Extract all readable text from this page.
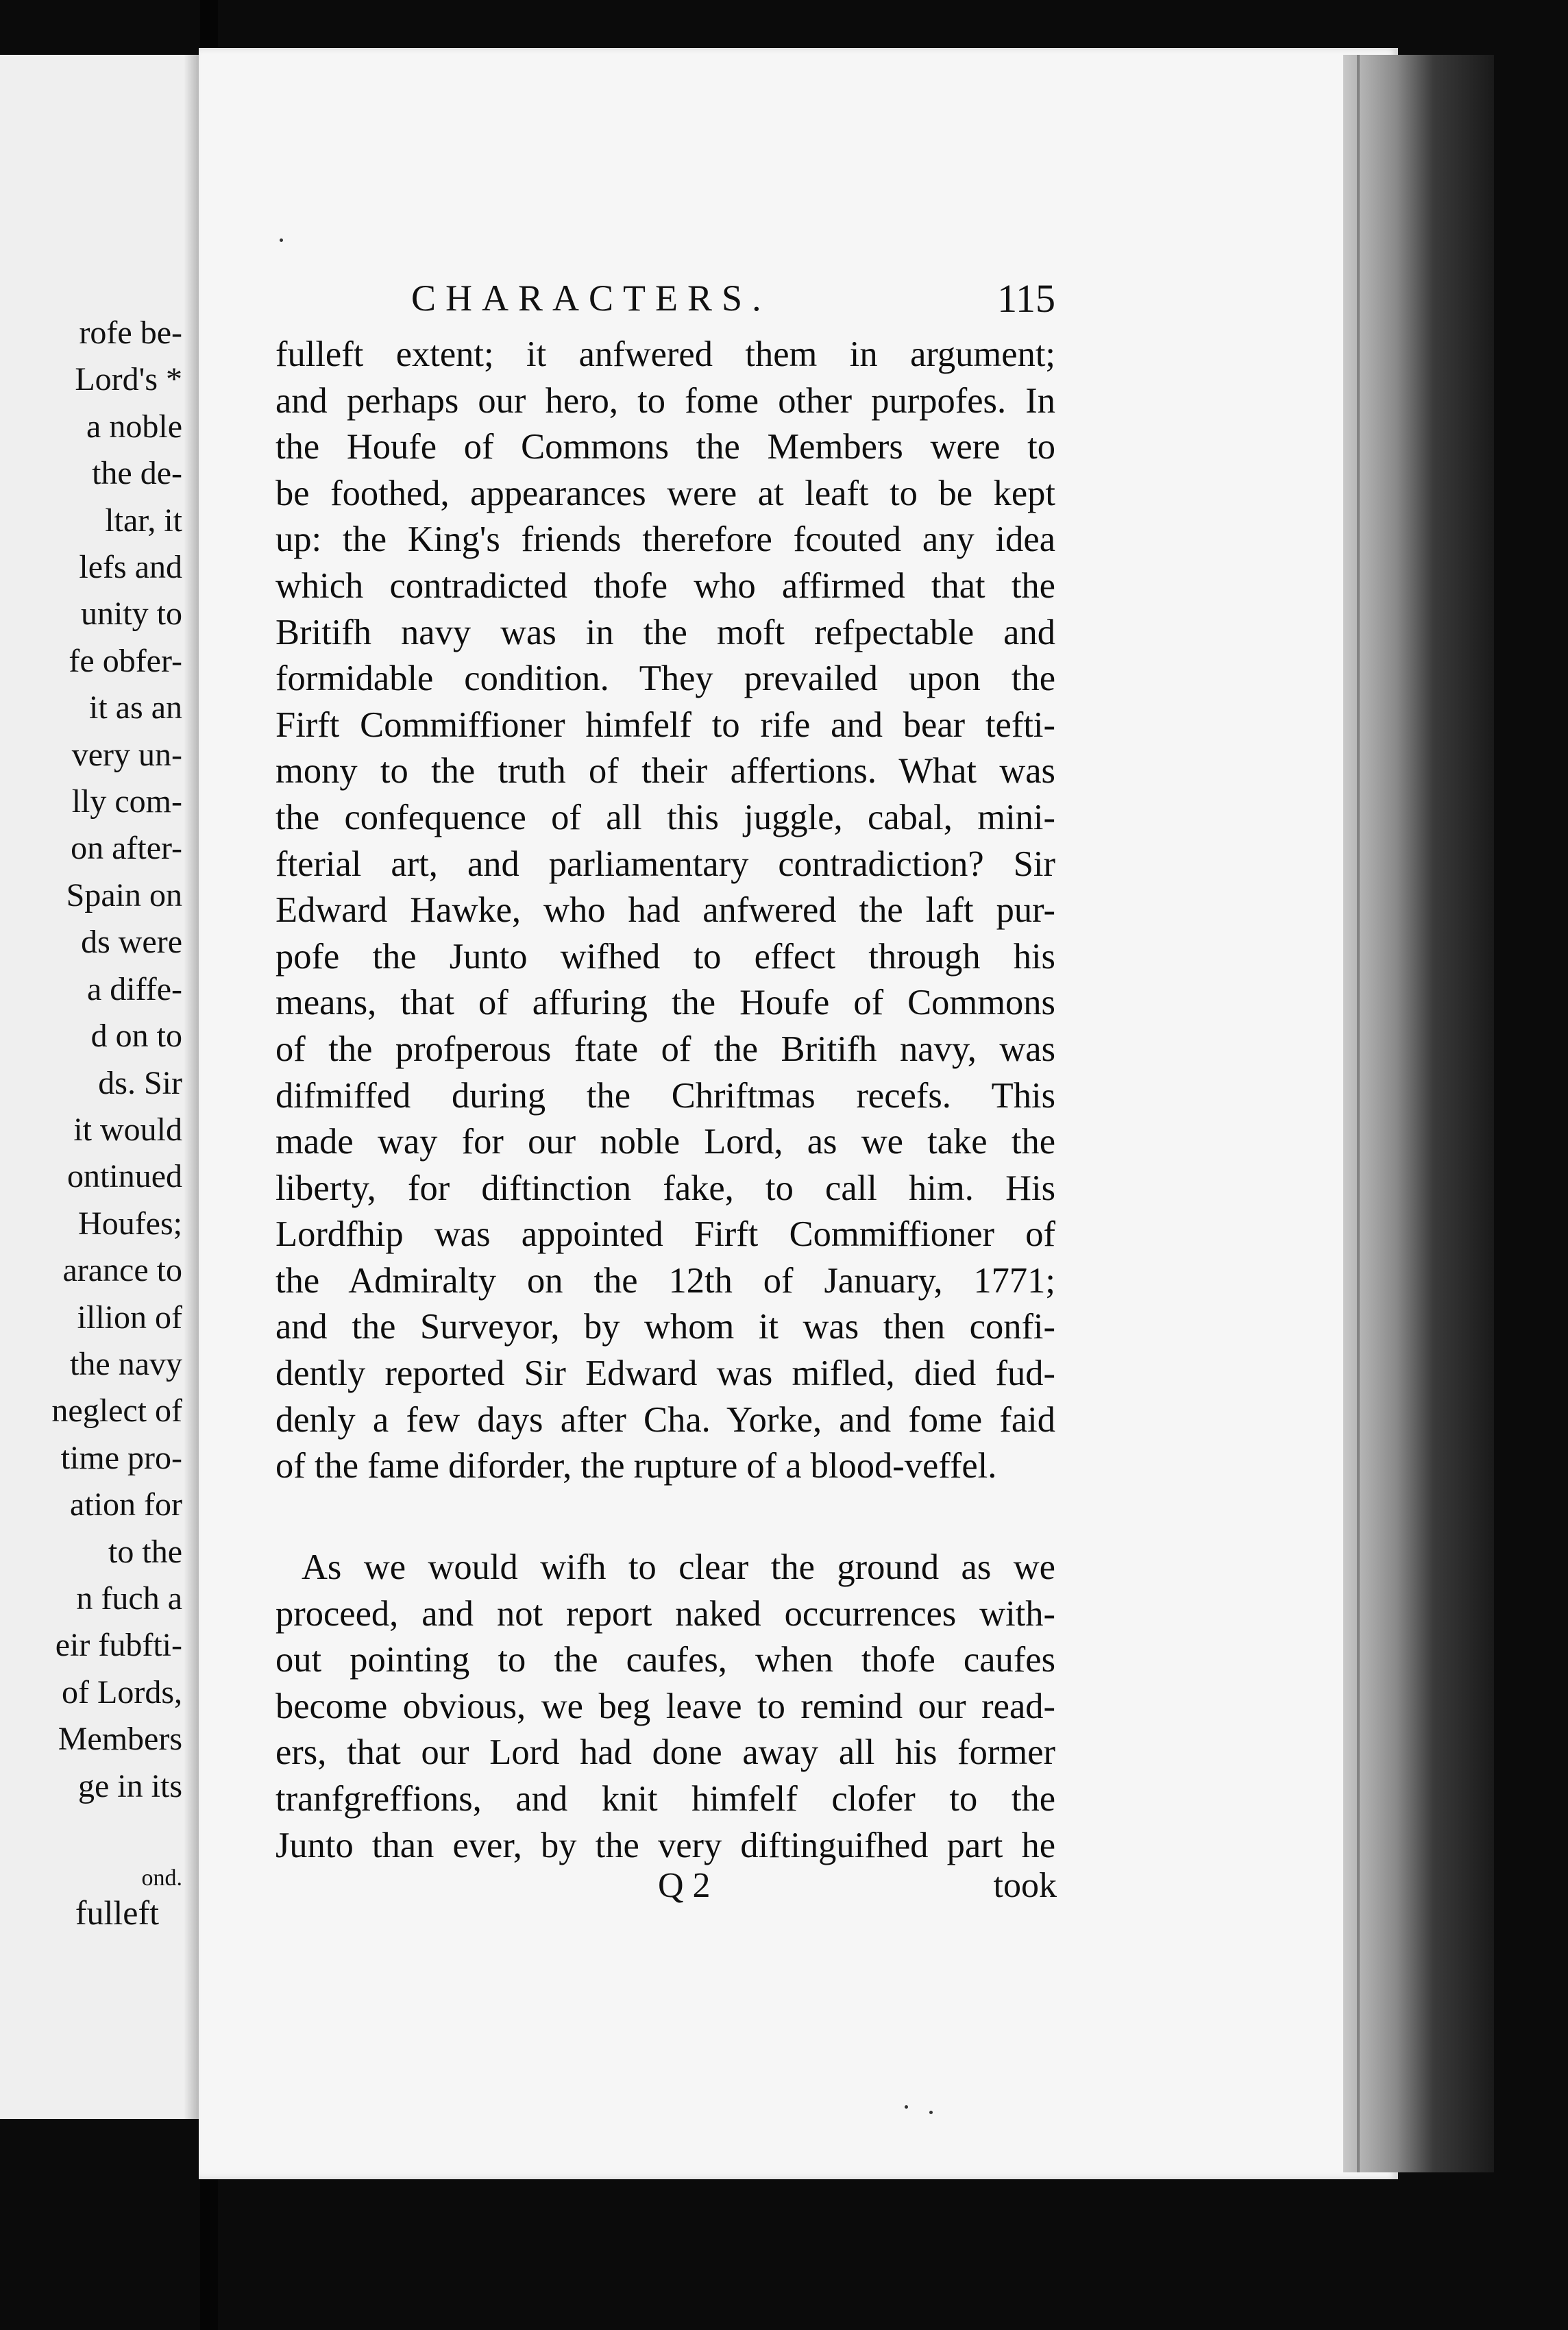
rofe be-
Lord's *
a noble
the de-
ltar, it
lefs and
unity to
fe obfer-
it as an
very un-
lly com-
on after-
Spain on
ds were
a diffe-
d on to
ds. Sir
it would
ontinued
Houfes;
arance to
illion of
the navy
neglect of
time pro-
ation for
to the
n fuch a
eir fubfti-
of Lords,
Members
ge in its
ond.
fulleft
CHARACTERS.	115
fulleft extent; it anfwered them in argument;
and perhaps our hero, to fome other purpofes. In
the Houfe of Commons the Members were to
be foothed, appearances were at leaft to be kept
up: the King's friends therefore fcouted any idea
which contradicted thofe who affirmed that the
Britifh navy was in the moft refpectable and
formidable condition. They prevailed upon the
Firft Commiffioner himfelf to rife and bear tefti-
mony to the truth of their affertions. What was
the confequence of all this juggle, cabal, mini-
fterial art, and parliamentary contradiction? Sir
Edward Hawke, who had anfwered the laft pur-
pofe the Junto wifhed to effect through his
means, that of affuring the Houfe of Commons
of the profperous ftate of the Britifh navy, was
difmiffed during the Chriftmas recefs. This
made way for our noble Lord, as we take the
liberty, for diftinction fake, to call him. His
Lordfhip was appointed Firft Commiffioner of
the Admiralty on the 12th of January, 1771;
and the Surveyor, by whom it was then confi-
dently reported Sir Edward was mifled, died fud-
denly a few days after Cha. Yorke, and fome faid
of the fame diforder, the rupture of a blood-veffel.
As we would wifh to clear the ground as we
proceed, and not report naked occurrences with-
out pointing to the caufes, when thofe caufes
become obvious, we beg leave to remind our read-
ers, that our Lord had done away all his former
tranfgreffions, and knit himfelf clofer to the
Junto than ever, by the very diftinguifhed part he
Q 2	took
